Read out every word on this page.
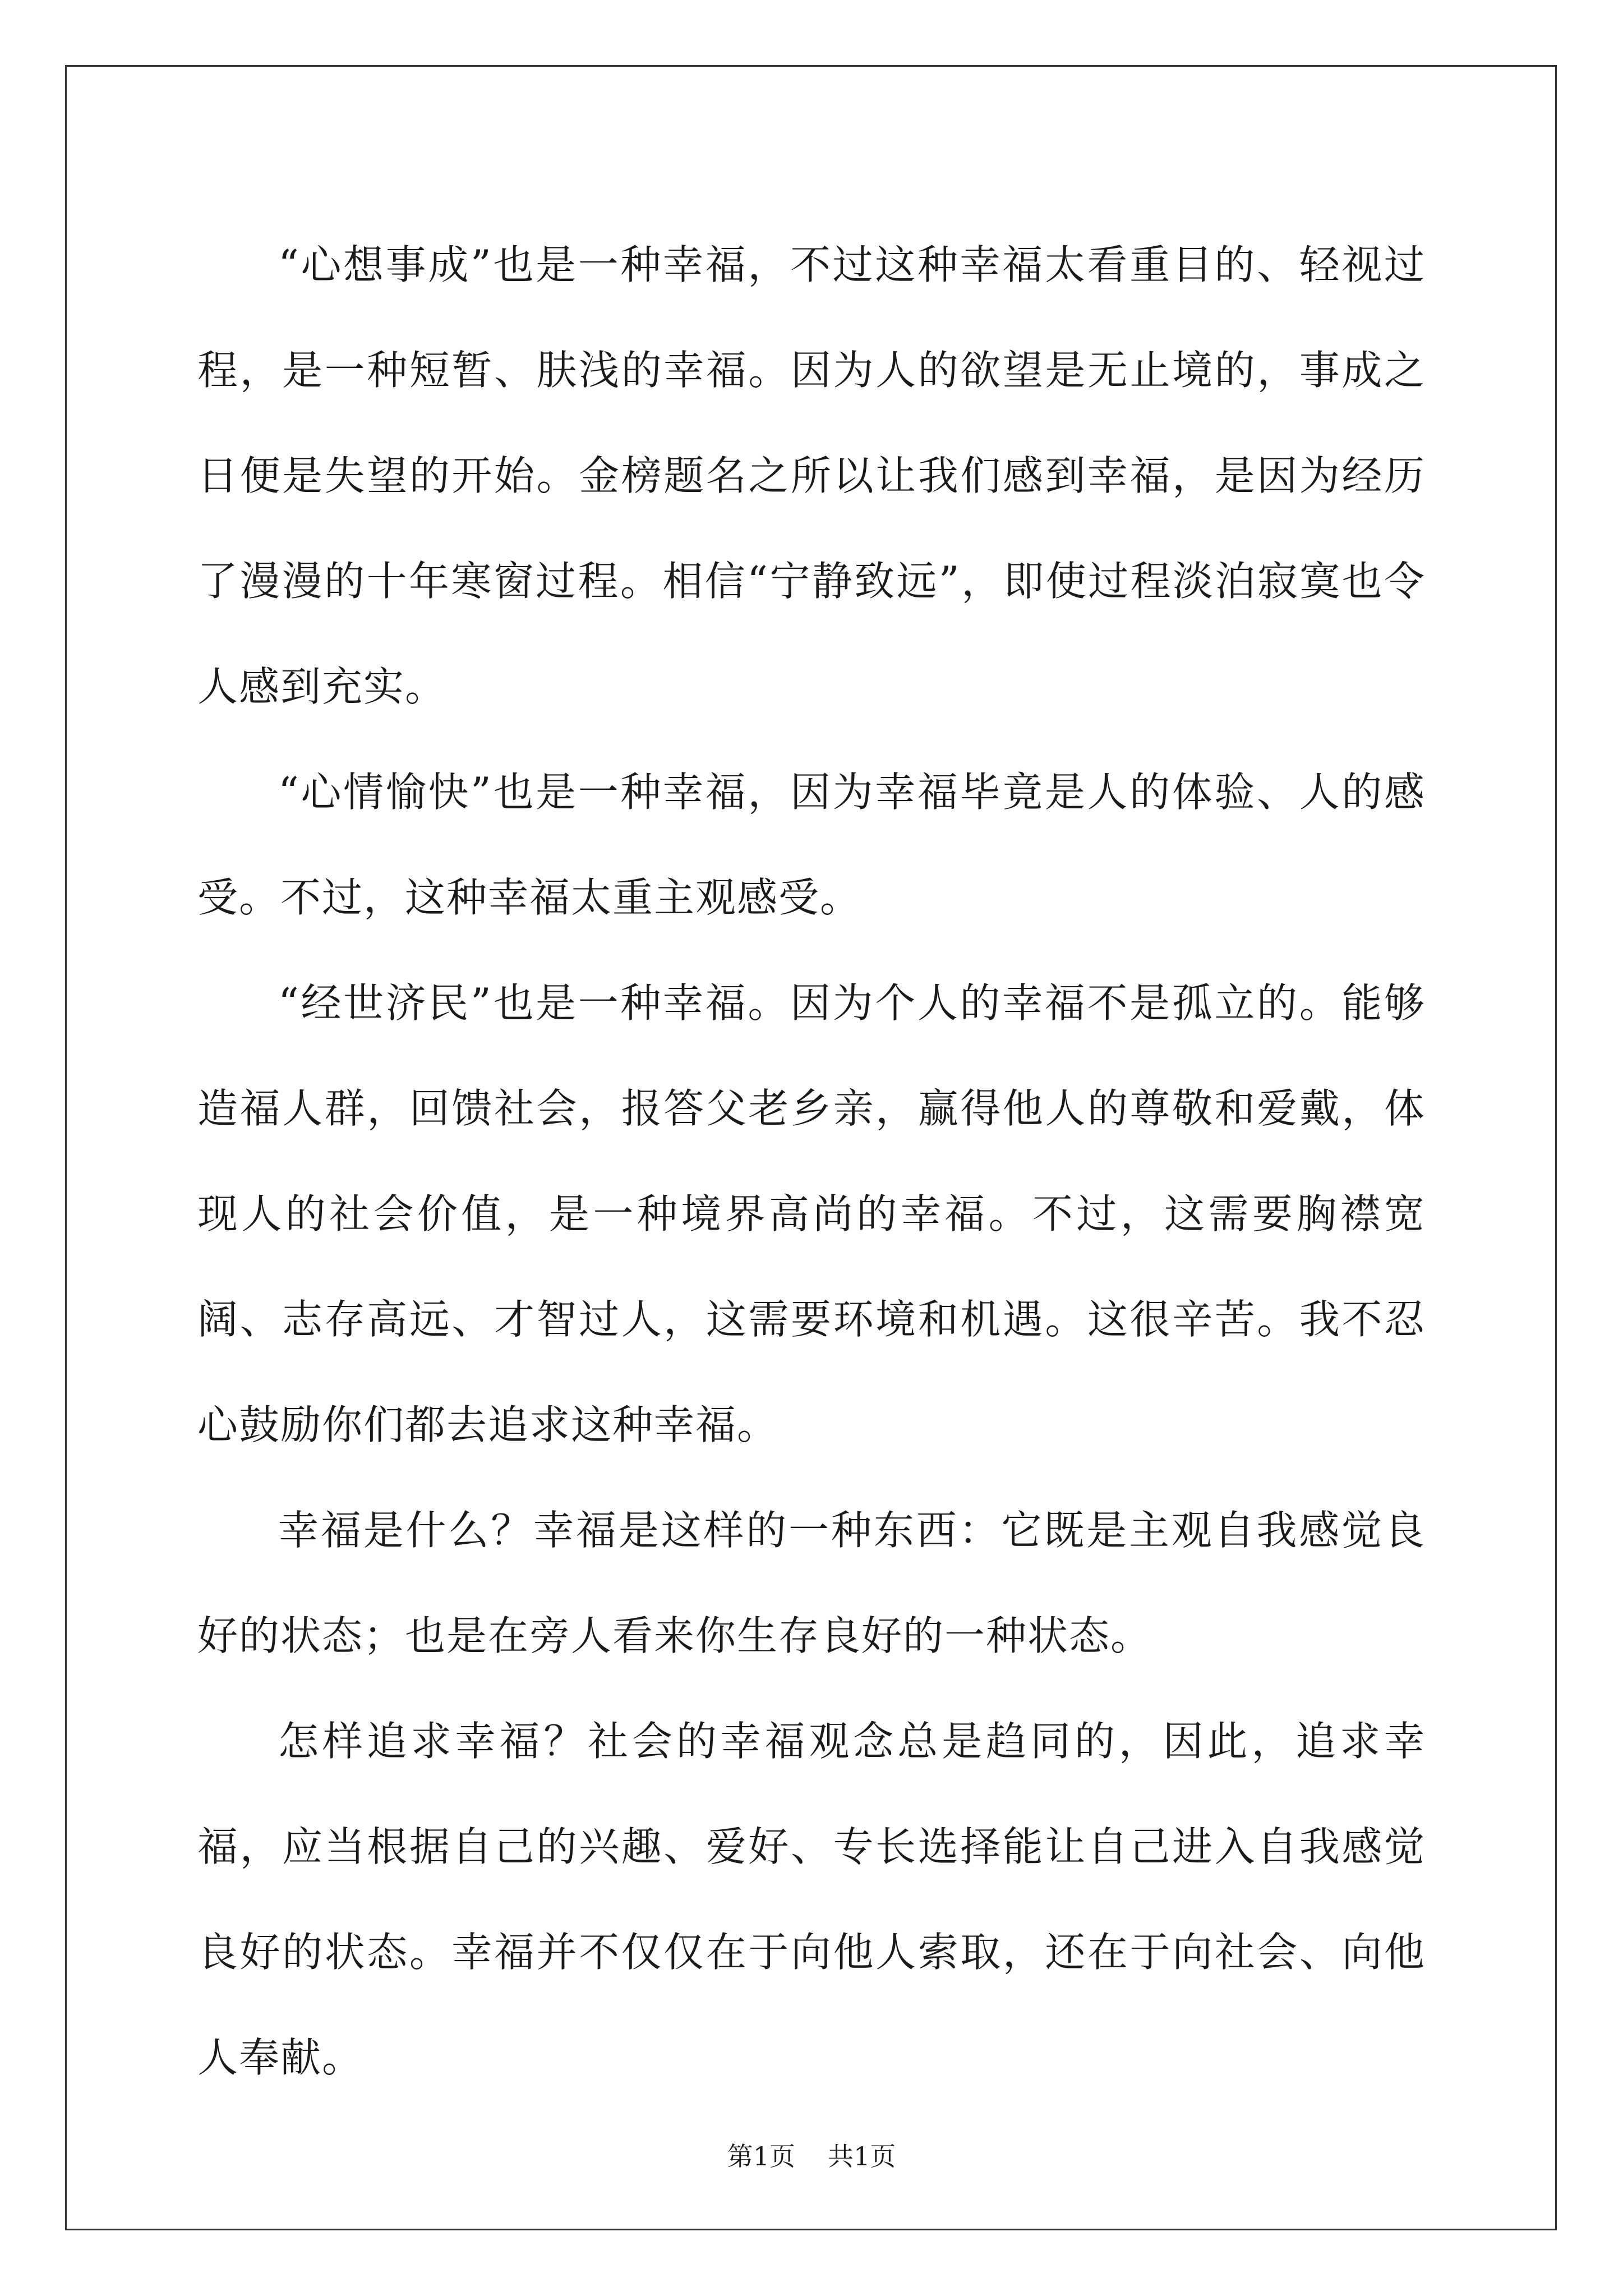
“心想事成”也是一种幸福，不过这种幸福太看重目的、轻视过程，是一种短暂、肤浅的幸福。因为人的欲望是无止境的，事成之日便是失望的开始。金榜题名之所以让我们感到幸福，是因为经历了漫漫的十年寒窗过程。相信“宁静致远”，即使过程淡泊寂寞也令人感到充实。

“心情愉快”也是一种幸福，因为幸福毕竟是人的体验、人的感受。不过，这种幸福太重主观感受。

“经世济民”也是一种幸福。因为个人的幸福不是孤立的。能够造福人群，回馈社会，报答父老乡亲，赢得他人的尊敬和爱戴，体现人的社会价值，是一种境界高尚的幸福。不过，这需要胸襟宽阔、志存高远、才智过人，这需要环境和机遇。这很辛苦。我不忍心鼓励你们都去追求这种幸福。

幸福是什么？幸福是这样的一种东西：它既是主观自我感觉良好的状态；也是在旁人看来你生存良好的一种状态。

怎样追求幸福？社会的幸福观念总是趋同的，因此，追求幸福，应当根据自己的兴趣、爱好、专长选择能让自己进入自我感觉良好的状态。幸福并不仅仅在于向他人索取，还在于向社会、向他人奉献。

第1页 共1页
